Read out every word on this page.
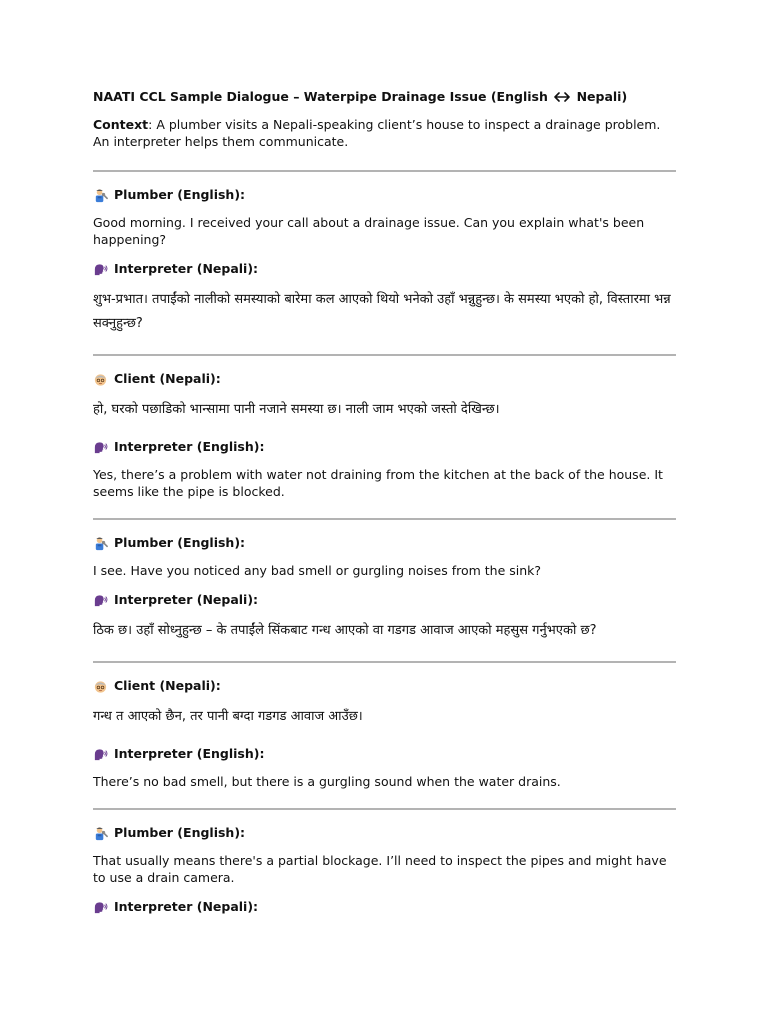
NAATI CCL Sample Dialogue – Waterpipe Drainage Issue (English Nepali)
Context: A plumber visits a Nepali-speaking client’s house to inspect a drainage problem. An interpreter helps them communicate.
Plumber (English):
Good morning. I received your call about a drainage issue. Can you explain what's been happening?
Interpreter (Nepali):
शुभ-प्रभात। तपाईंको नालीको समस्याको बारेमा कल आएको थियो भनेको उहाँ भन्नुहुन्छ। के समस्या भएको हो, विस्तारमा भन्न सक्नुहुन्छ?
Client (Nepali):
हो, घरको पछाडिको भान्सामा पानी नजाने समस्या छ। नाली जाम भएको जस्तो देखिन्छ।
Interpreter (English):
Yes, there’s a problem with water not draining from the kitchen at the back of the house. It seems like the pipe is blocked.
Plumber (English):
I see. Have you noticed any bad smell or gurgling noises from the sink?
Interpreter (Nepali):
ठिक छ। उहाँ सोध्नुहुन्छ – के तपाईंले सिंकबाट गन्ध आएको वा गडगड आवाज आएको महसुस गर्नुभएको छ?
Client (Nepali):
गन्ध त आएको छैन, तर पानी बग्दा गडगड आवाज आउँछ।
Interpreter (English):
There’s no bad smell, but there is a gurgling sound when the water drains.
Plumber (English):
That usually means there's a partial blockage. I’ll need to inspect the pipes and might have to use a drain camera.
Interpreter (Nepali):
